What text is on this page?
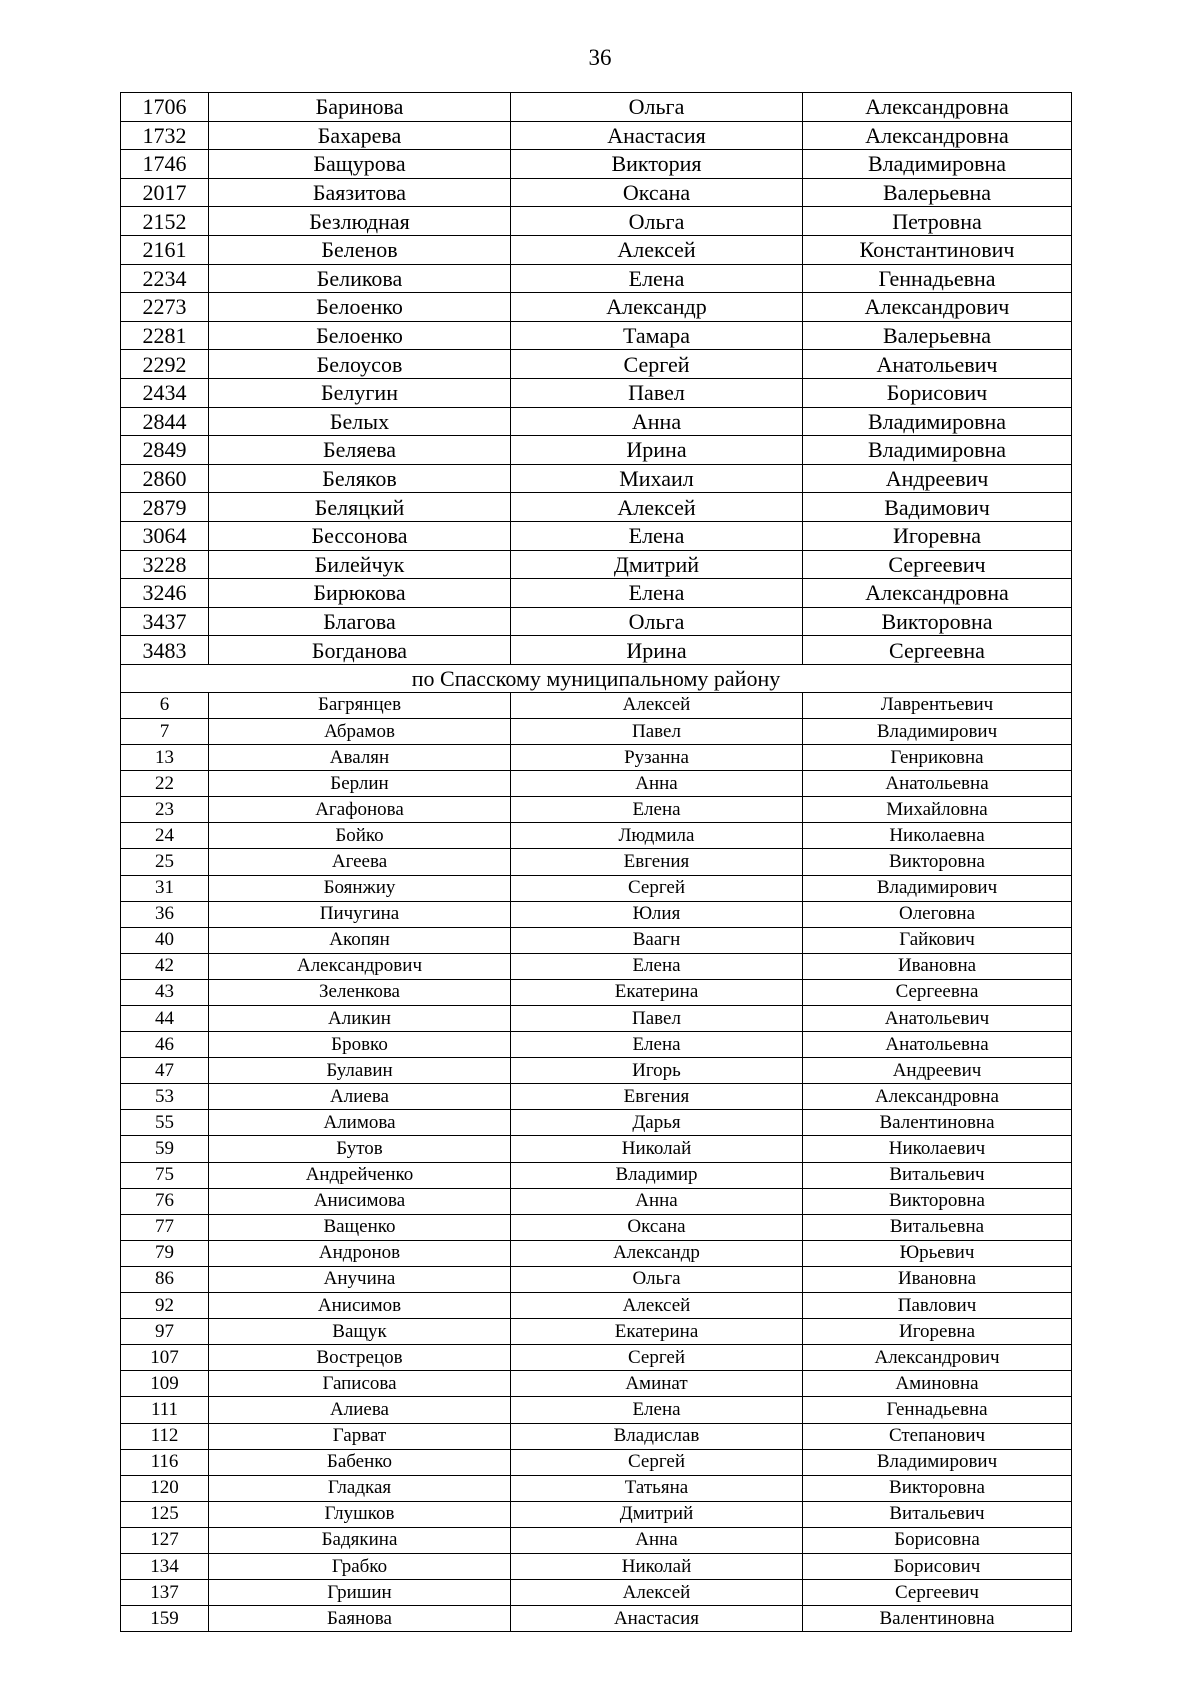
36
1706	Баринова	Ольга	Александровна
1732	Бахарева	Анастасия	Александровна
1746	Бащурова	Виктория	Владимировна
2017	Баязитова	Оксана	Валерьевна
2152	Безлюдная	Ольга	Петровна
2161	Беленов	Алексей	Константинович
2234	Беликова	Елена	Геннадьевна
2273	Белоенко	Александр	Александрович
2281	Белоенко	Тамара	Валерьевна
2292	Белоусов	Сергей	Анатольевич
2434	Белугин	Павел	Борисович
2844	Белых	Анна	Владимировна
2849	Беляева	Ирина	Владимировна
2860	Беляков	Михаил	Андреевич
2879	Беляцкий	Алексей	Вадимович
3064	Бессонова	Елена	Игоревна
3228	Билейчук	Дмитрий	Сергеевич
3246	Бирюкова	Елена	Александровна
3437	Благова	Ольга	Викторовна
3483	Богданова	Ирина	Сергеевна
по Спасскому муниципальному району			
6	Багрянцев	Алексей	Лаврентьевич
7	Абрамов	Павел	Владимирович
13	Авалян	Рузанна	Генриковна
22	Берлин	Анна	Анатольевна
23	Агафонова	Елена	Михайловна
24	Бойко	Людмила	Николаевна
25	Агеева	Евгения	Викторовна
31	Боянжиу	Сергей	Владимирович
36	Пичугина	Юлия	Олеговна
40	Акопян	Ваагн	Гайкович
42	Александрович	Елена	Ивановна
43	Зеленкова	Екатерина	Сергеевна
44	Аликин	Павел	Анатольевич
46	Бровко	Елена	Анатольевна
47	Булавин	Игорь	Андреевич
53	Алиева	Евгения	Александровна
55	Алимова	Дарья	Валентиновна
59	Бутов	Николай	Николаевич
75	Андрейченко	Владимир	Витальевич
76	Анисимова	Анна	Викторовна
77	Ващенко	Оксана	Витальевна
79	Андронов	Александр	Юрьевич
86	Анучина	Ольга	Ивановна
92	Анисимов	Алексей	Павлович
97	Ващук	Екатерина	Игоревна
107	Вострецов	Сергей	Александрович
109	Гаписова	Аминат	Аминовна
111	Алиева	Елена	Геннадьевна
112	Гарват	Владислав	Степанович
116	Бабенко	Сергей	Владимирович
120	Гладкая	Татьяна	Викторовна
125	Глушков	Дмитрий	Витальевич
127	Бадякина	Анна	Борисовна
134	Грабко	Николай	Борисович
137	Гришин	Алексей	Сергеевич
159	Баянова	Анастасия	Валентиновна
